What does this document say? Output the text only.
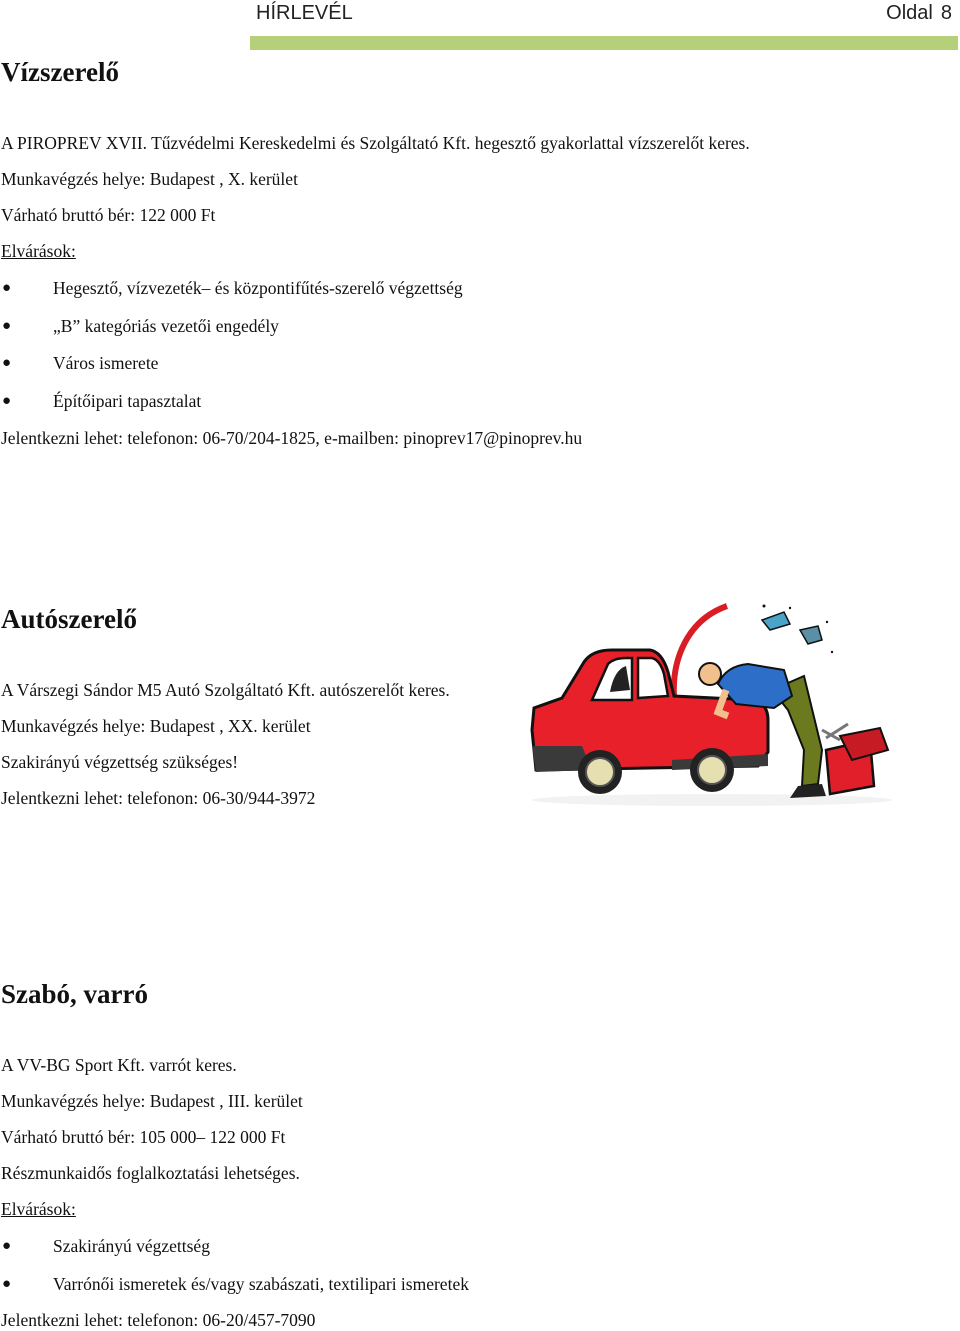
HÍRLEVÉL	Oldal 8
Vízszerelő
A PIROPREV XVII. Tűzvédelmi Kereskedelmi és Szolgáltató Kft. hegesztő gyakorlattal vízszerelőt keres.
Munkavégzés helye: Budapest , X. kerület
Várható bruttó bér: 122 000 Ft
Elvárások:
● Hegesztő, vízvezeték– és központifűtés-szerelő végzettség
● „B” kategóriás vezetői engedély
● Város ismerete
● Építőipari tapasztalat
Jelentkezni lehet: telefonon: 06-70/204-1825, e-mailben: pinoprev17@pinoprev.hu
Autószerelő
A Várszegi Sándor M5 Autó Szolgáltató Kft. autószerelőt keres.
Munkavégzés helye: Budapest , XX. kerület
Szakirányú végzettség szükséges!
Jelentkezni lehet: telefonon: 06-30/944-3972
Szabó, varró
A VV-BG Sport Kft. varrót keres.
Munkavégzés helye: Budapest , III. kerület
Várható bruttó bér: 105 000– 122 000 Ft
Részmunkaidős foglalkoztatási lehetséges.
Elvárások:
● Szakirányú végzettség
● Varrónői ismeretek és/vagy szabászati, textilipari ismeretek
Jelentkezni lehet: telefonon: 06-20/457-7090
